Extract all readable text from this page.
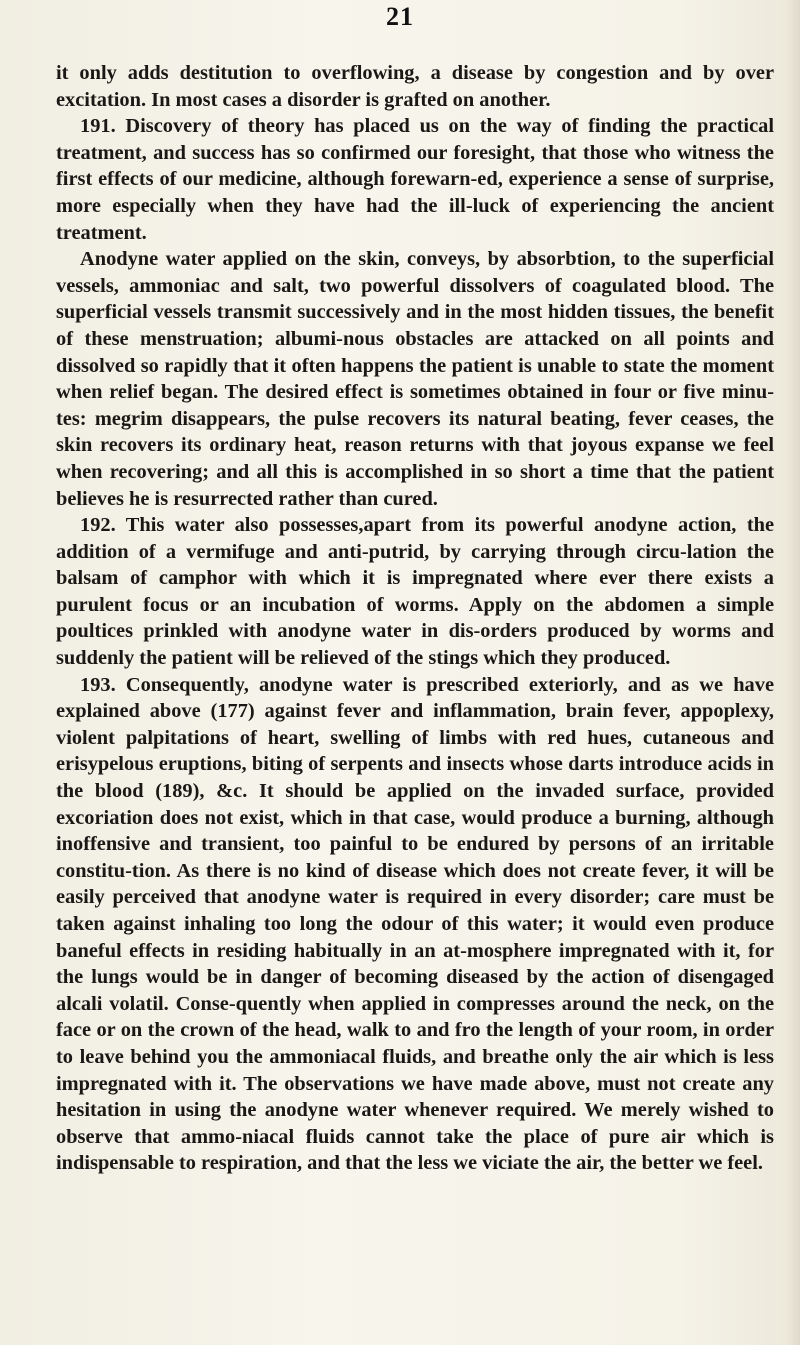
21

it only adds destitution to overflowing, a disease by congestion and by over excitation. In most cases a disorder is grafted on another.

191. Discovery of theory has placed us on the way of finding the practical treatment, and success has so confirmed our foresight, that those who witness the first effects of our medicine, although forewarn-ed, experience a sense of surprise, more especially when they have had the ill-luck of experiencing the ancient treatment.

Anodyne water applied on the skin, conveys, by absorbtion, to the superficial vessels, ammoniac and salt, two powerful dissolvers of coagulated blood. The superficial vessels transmit successively and in the most hidden tissues, the benefit of these menstruation; albumi-nous obstacles are attacked on all points and dissolved so rapidly that it often happens the patient is unable to state the moment when relief began. The desired effect is sometimes obtained in four or five minu-tes: megrim disappears, the pulse recovers its natural beating, fever ceases, the skin recovers its ordinary heat, reason returns with that joyous expanse we feel when recovering; and all this is accomplished in so short a time that the patient believes he is resurrected rather than cured.

192. This water also possesses,apart from its powerful anodyne action, the addition of a vermifuge and anti-putrid, by carrying through circu-lation the balsam of camphor with which it is impregnated where ever there exists a purulent focus or an incubation of worms. Apply on the abdomen a simple poultices prinkled with anodyne water in dis-orders produced by worms and suddenly the patient will be relieved of the stings which they produced.

193. Consequently, anodyne water is prescribed exteriorly, and as we have explained above (177) against fever and inflammation, brain fever, appoplexy, violent palpitations of heart, swelling of limbs with red hues, cutaneous and erisypelous eruptions, biting of serpents and insects whose darts introduce acids in the blood (189), &c. It should be applied on the invaded surface, provided excoriation does not exist, which in that case, would produce a burning, although inoffensive and transient, too painful to be endured by persons of an irritable constitu-tion. As there is no kind of disease which does not create fever, it will be easily perceived that anodyne water is required in every disorder; care must be taken against inhaling too long the odour of this water; it would even produce baneful effects in residing habitually in an at-mosphere impregnated with it, for the lungs would be in danger of becoming diseased by the action of disengaged alcali volatil. Conse-quently when applied in compresses around the neck, on the face or on the crown of the head, walk to and fro the length of your room, in order to leave behind you the ammoniacal fluids, and breathe only the air which is less impregnated with it. The observations we have made above, must not create any hesitation in using the anodyne water whenever required. We merely wished to observe that ammo-niacal fluids cannot take the place of pure air which is indispensable to respiration, and that the less we viciate the air, the better we feel.
